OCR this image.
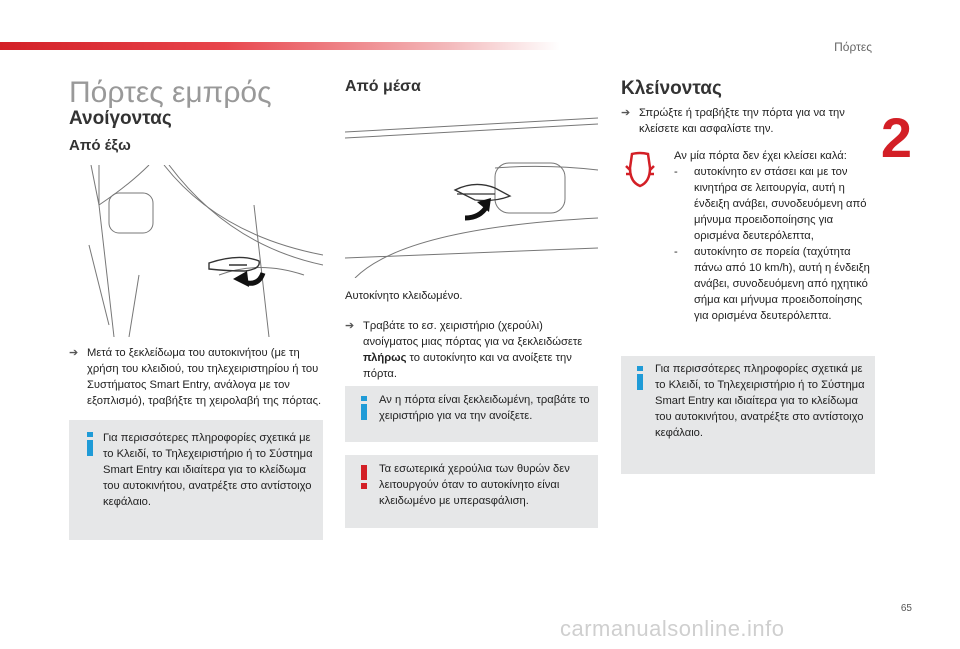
Πόρτες
2
Πόρτες εμπρός
Ανοίγοντας
Από έξω
➔ Μετά το ξεκλείδωμα του αυτοκινήτου (με τη χρήση του κλειδιού, του τηλεχειριστηρίου ή του Συστήματος Smart Entry, ανάλογα με τον εξοπλισμό), τραβήξτε τη χειρολαβή της πόρτας.
Για περισσότερες πληροφορίες σχετικά με το Κλειδί, το Τηλεχειριστήριο ή το Σύστημα Smart Entry και ιδιαίτερα για το κλείδωμα του αυτοκινήτου, ανατρέξτε στο αντίστοιχο κεφάλαιο.
Από μέσα
Αυτοκίνητο κλειδωμένο.
➔ Τραβάτε το εσ. χειριστήριο (χερούλι) ανοίγματος μιας πόρτας για να ξεκλειδώσετε πλήρως το αυτοκίνητο και να ανοίξετε την πόρτα.
Αν η πόρτα είναι ξεκλειδωμένη, τραβάτε το χειριστήριο για να την ανοίξετε.
Τα εσωτερικά χερούλια των θυρών δεν λειτουργούν όταν το αυτοκίνητο είναι κλειδωμένο με υπεραsφάλιση.
Κλείνοντας
➔ Σπρώξτε ή τραβήξτε την πόρτα για να την κλείσετε και ασφαλίστε την.
Αν μία πόρτα δεν έχει κλείσει καλά:
-	αυτοκίνητο εν στάσει και με τον κινητήρα σε λειτουργία, αυτή η ένδειξη ανάβει, συνοδευόμενη από μήνυμα προειδοποίησης για ορισμένα δευτερόλεπτα,
-	αυτοκίνητο σε πορεία (ταχύτητα πάνω από 10 km/h), αυτή η ένδειξη ανάβει, συνοδευόμενη από ηχητικό σήμα και μήνυμα προειδοποίησης για ορισμένα δευτερόλεπτα.
Για περισσότερες πληροφορίες σχετικά με το Κλειδί, το Τηλεχειριστήριο ή το Σύστημα Smart Entry και ιδιαίτερα για το κλείδωμα του αυτοκινήτου, ανατρέξτε στο αντίστοιχο κεφάλαιο.
65
carmanualsonline.info
